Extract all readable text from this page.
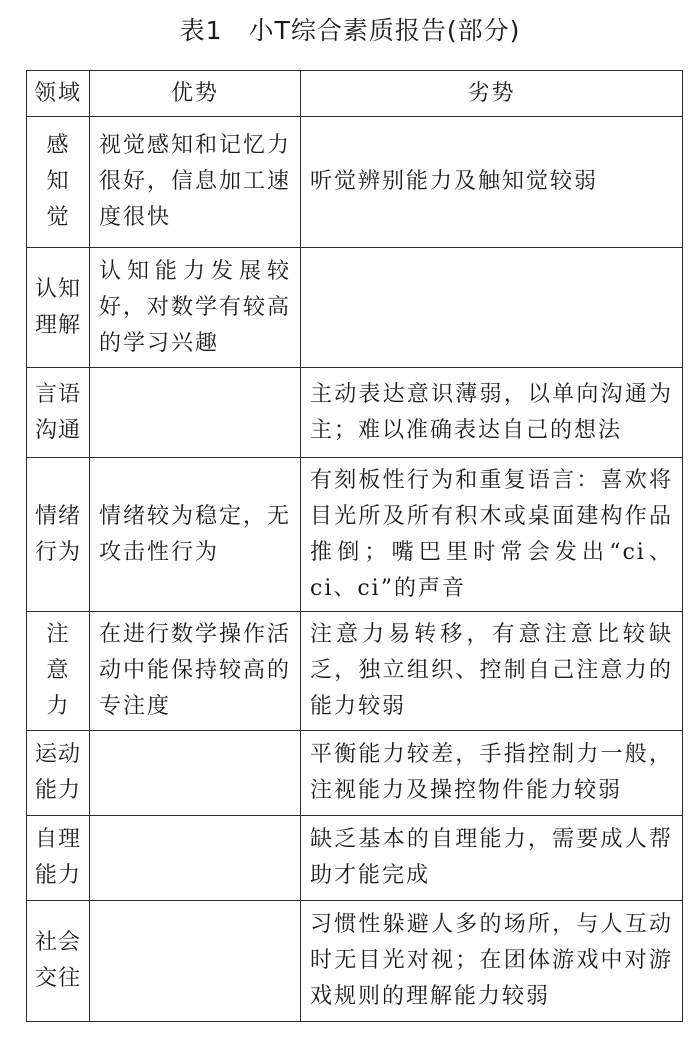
表1　小T综合素质报告(部分)
领域	优势	劣势

感
知
觉	视觉感知和记忆力很好，信息加工速度很快	听觉辨别能力及触知觉较弱

认知
理解	认知能力发展较好，对数学有较高的学习兴趣	

言语
沟通		主动表达意识薄弱，以单向沟通为主；难以准确表达自己的想法

情绪
行为	情绪较为稳定，无攻击性行为	有刻板性行为和重复语言：喜欢将目光所及所有积木或桌面建构作品推倒；嘴巴里时常会发出“ci、ci、ci”的声音

注
意
力	在进行数学操作活动中能保持较高的专注度	注意力易转移，有意注意比较缺乏，独立组织、控制自己注意力的能力较弱

运动
能力		平衡能力较差，手指控制力一般，注视能力及操控物件能力较弱

自理
能力		缺乏基本的自理能力，需要成人帮助才能完成

社会
交往		习惯性躲避人多的场所，与人互动时无目光对视；在团体游戏中对游戏规则的理解能力较弱
